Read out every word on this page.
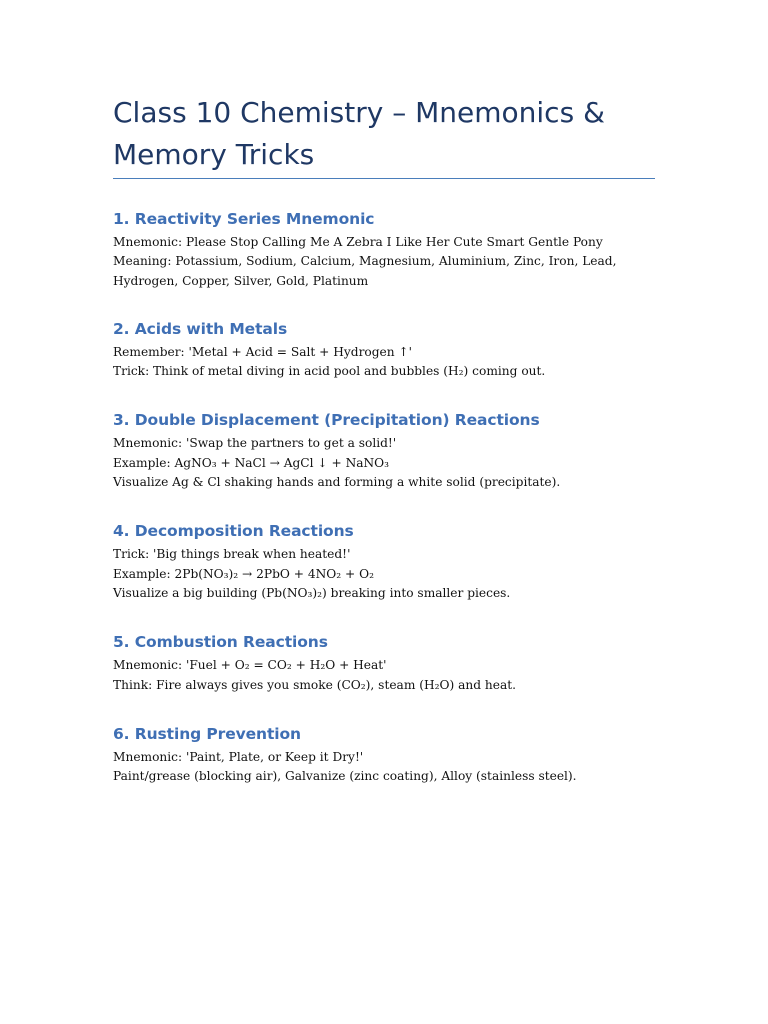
Class 10 Chemistry – Mnemonics & Memory Tricks
1. Reactivity Series Mnemonic

Mnemonic: Please Stop Calling Me A Zebra I Like Her Cute Smart Gentle Pony

Meaning: Potassium, Sodium, Calcium, Magnesium, Aluminium, Zinc, Iron, Lead, Hydrogen, Copper, Silver, Gold, Platinum

2. Acids with Metals

Remember: 'Metal + Acid = Salt + Hydrogen ↑'

Trick: Think of metal diving in acid pool and bubbles (H₂) coming out.

3. Double Displacement (Precipitation) Reactions

Mnemonic: 'Swap the partners to get a solid!'

Example: AgNO₃ + NaCl → AgCl ↓ + NaNO₃

Visualize Ag & Cl shaking hands and forming a white solid (precipitate).

4. Decomposition Reactions

Trick: 'Big things break when heated!'

Example: 2Pb(NO₃)₂ → 2PbO + 4NO₂ + O₂

Visualize a big building (Pb(NO₃)₂) breaking into smaller pieces.

5. Combustion Reactions

Mnemonic: 'Fuel + O₂ = CO₂ + H₂O + Heat'

Think: Fire always gives you smoke (CO₂), steam (H₂O) and heat.

6. Rusting Prevention

Mnemonic: 'Paint, Plate, or Keep it Dry!'

Paint/grease (blocking air), Galvanize (zinc coating), Alloy (stainless steel).
